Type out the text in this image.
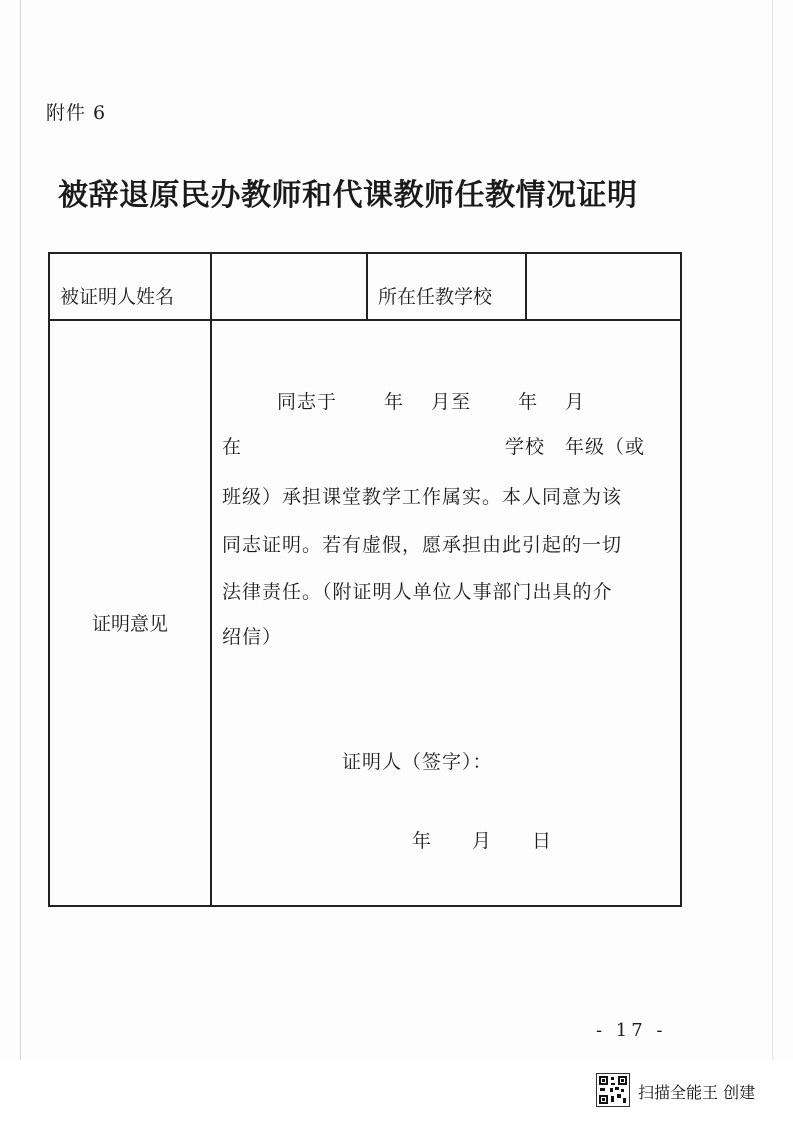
附件 6
被辞退原民办教师和代课教师任教情况证明
被证明人姓名	所在任教学校
证明意见
同志于　　 年　 月至　　 年　 月
在	学校　年级（或
班级）承担课堂教学工作属实。本人同意为该
同志证明。若有虚假，愿承担由此引起的一切
法律责任。（附证明人单位人事部门出具的介
绍信）
证明人（签字）：
年　　月　　日
- 17 -
扫描全能王 创建
